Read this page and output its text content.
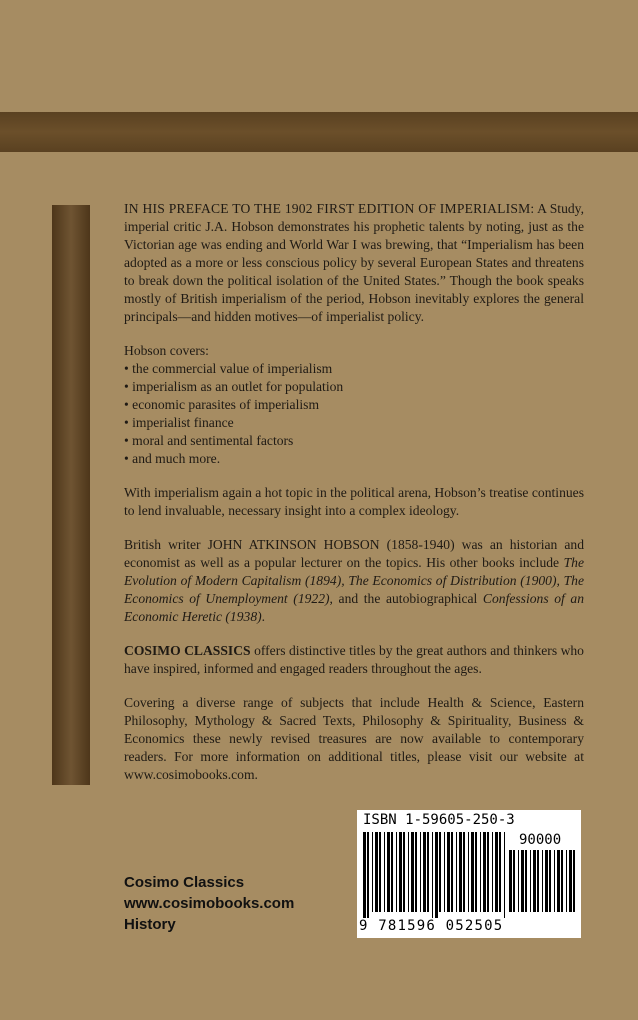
IN HIS PREFACE TO THE 1902 FIRST EDITION OF IMPERIALISM: A Study, imperial critic J.A. Hobson demonstrates his prophetic talents by noting, just as the Victorian age was ending and World War I was brewing, that “Imperialism has been adopted as a more or less conscious policy by several European States and threatens to break down the political isolation of the United States.” Though the book speaks mostly of British imperialism of the period, Hobson inevitably explores the general principals—and hidden motives—of imperialist policy.

Hobson covers:
• the commercial value of imperialism
• imperialism as an outlet for population
• economic parasites of imperialism
• imperialist finance
• moral and sentimental factors
• and much more.

With imperialism again a hot topic in the political arena, Hobson’s treatise continues to lend invaluable, necessary insight into a complex ideology.

British writer JOHN ATKINSON HOBSON (1858-1940) was an historian and economist as well as a popular lecturer on the topics. His other books include The Evolution of Modern Capitalism (1894), The Economics of Distribution (1900), The Economics of Unemployment (1922), and the autobiographical Confessions of an Economic Heretic (1938).

COSIMO CLASSICS offers distinctive titles by the great authors and thinkers who have inspired, informed and engaged readers throughout the ages.

Covering a diverse range of subjects that include Health & Science, Eastern Philosophy, Mythology & Sacred Texts, Philosophy & Spirituality, Business & Economics these newly revised treasures are now available to contemporary readers. For more information on additional titles, please visit our website at www.cosimobooks.com.

Cosimo Classics
www.cosimobooks.com
History
ISBN 1-59605-250-3
90000
9 781596 052505
